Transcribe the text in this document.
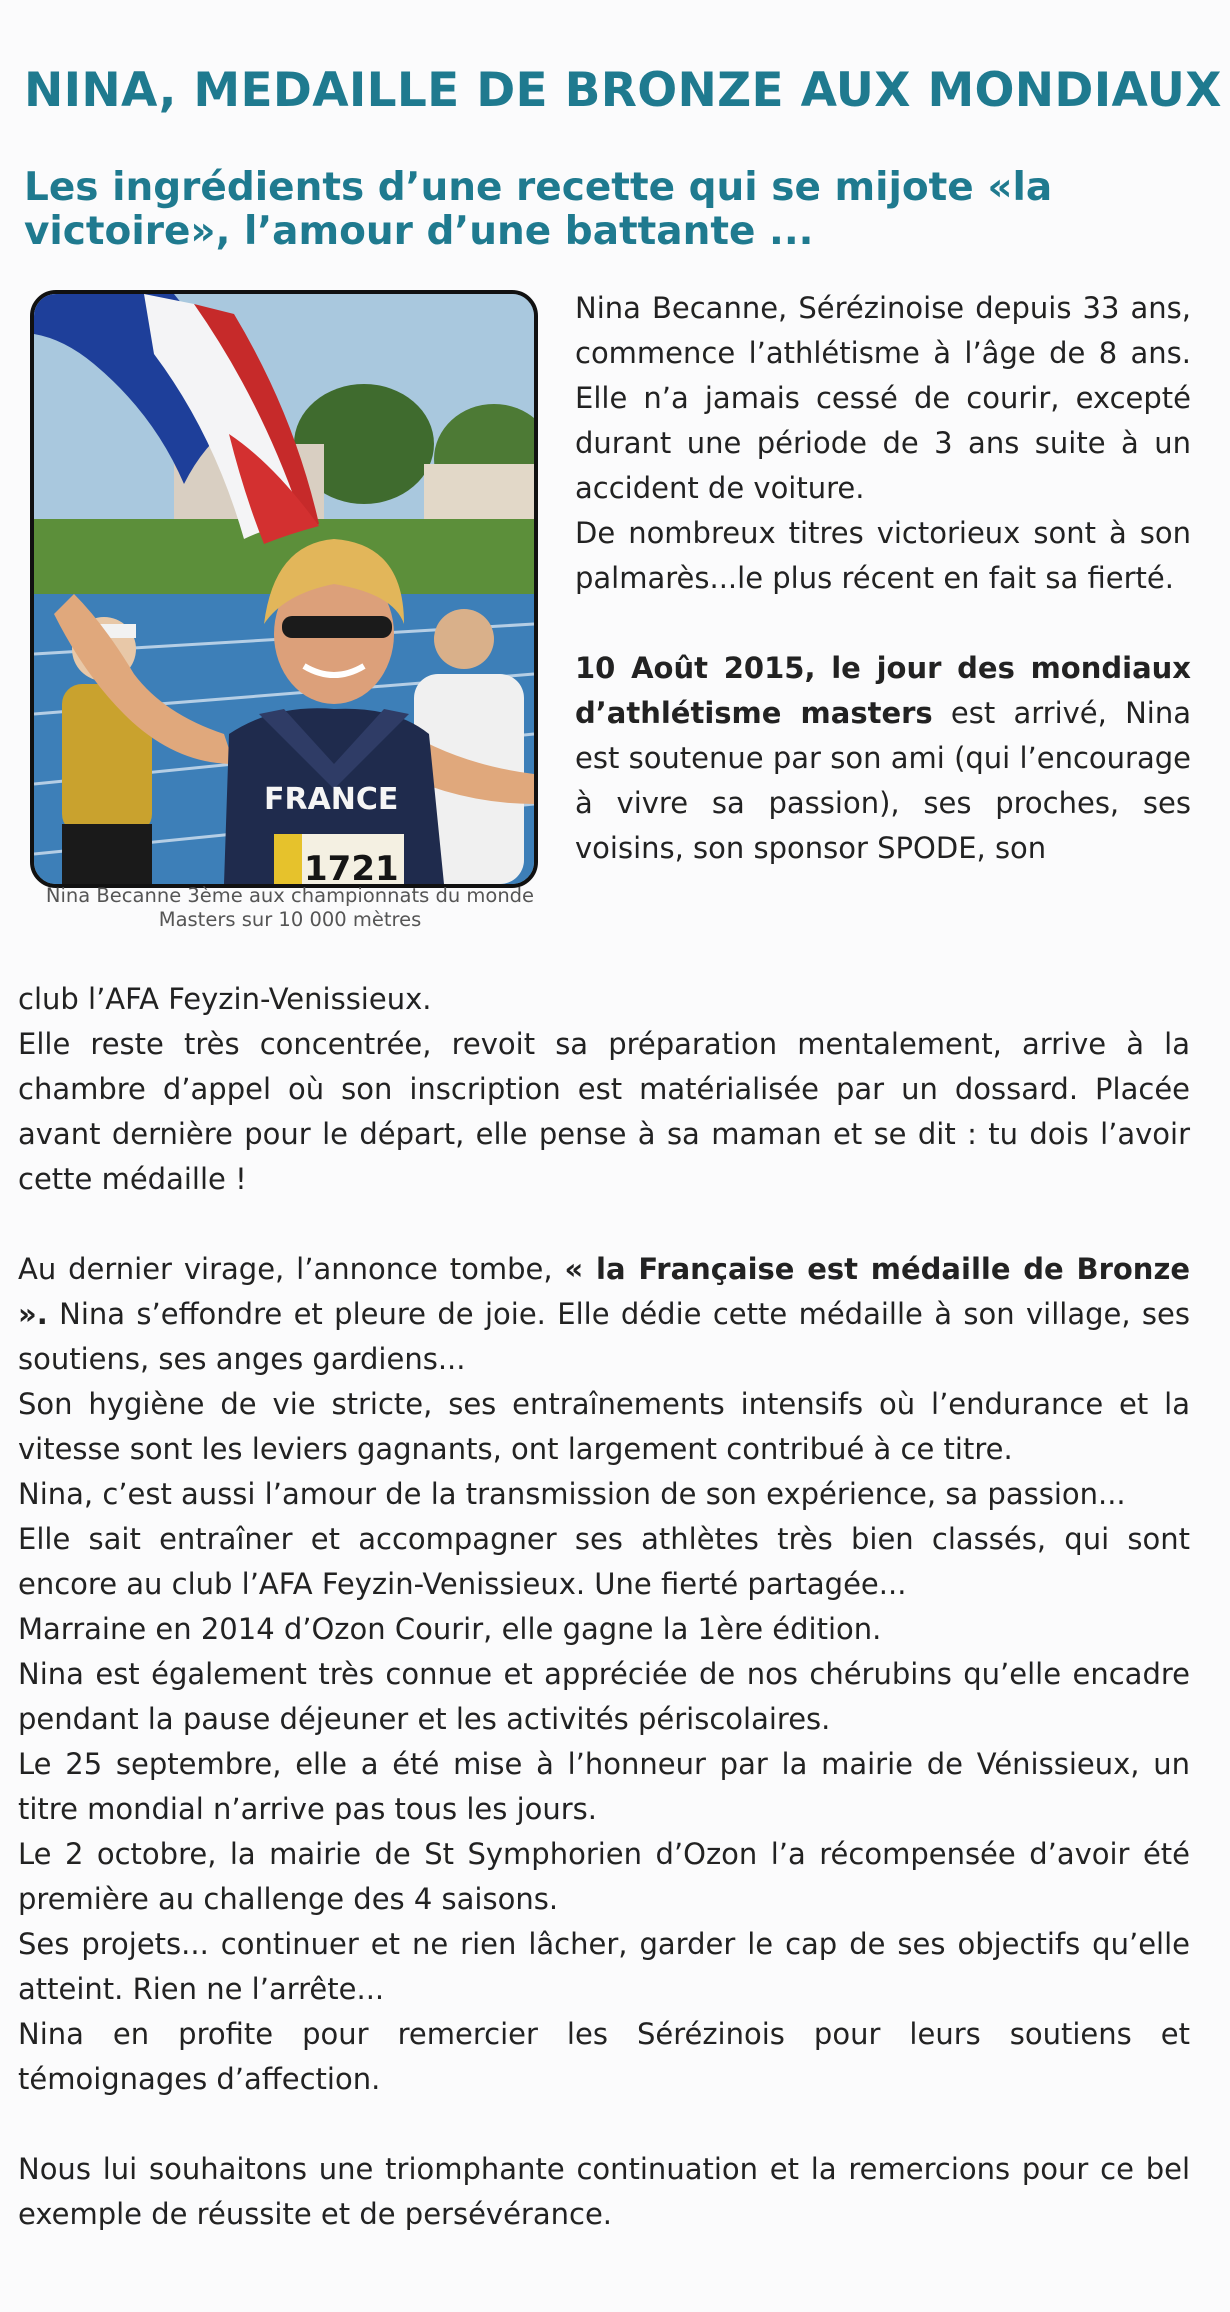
NINA, MEDAILLE DE BRONZE AUX MONDIAUX
Les ingrédients d’une recette qui se mijote «la victoire», l’amour d’une battante ...
FRANCE
1721
Nina Becanne 3ème aux championnats du monde Masters sur 10 000 mètres

Nina Becanne, Sérézinoise depuis 33 ans, commence l’athlétisme à l’âge de 8 ans. Elle n’a jamais cessé de courir, excepté durant une période de 3 ans suite à un accident de voiture.

De nombreux titres victorieux sont à son palmarès...le plus récent en fait sa fierté.

10 Août 2015, le jour des mondiaux d’athlétisme masters est arrivé, Nina est soutenue par son ami (qui l’encourage à vivre sa passion), ses proches, ses voisins, son sponsor SPODE, son

club l’AFA Feyzin-Venissieux.

Elle reste très concentrée, revoit sa préparation mentalement, arrive à la chambre d’appel où son inscription est matérialisée par un dossard. Placée avant dernière pour le départ, elle pense à sa maman et se dit : tu dois l’avoir cette médaille !

Au dernier virage, l’annonce tombe, « la Française est médaille de Bronze ». Nina s’effondre et pleure de joie. Elle dédie cette médaille à son village, ses soutiens, ses anges gardiens...

Son hygiène de vie stricte, ses entraînements intensifs où l’endurance et la vitesse sont les leviers gagnants, ont largement contribué à ce titre.

Nina, c’est aussi l’amour de la transmission de son expérience, sa passion...

Elle sait entraîner et accompagner ses athlètes très bien classés, qui sont encore au club l’AFA Feyzin-Venissieux. Une fierté partagée...

Marraine en 2014 d’Ozon Courir, elle gagne la 1ère édition.

Nina est également très connue et appréciée de nos chérubins qu’elle encadre pendant la pause déjeuner et les activités périscolaires.

Le 25 septembre, elle a été mise à l’honneur par la mairie de Vénissieux, un titre mondial n’arrive pas tous les jours.

Le 2 octobre, la mairie de St Symphorien d’Ozon l’a récompensée d’avoir été première au challenge des 4 saisons.

Ses projets... continuer et ne rien lâcher, garder le cap de ses objectifs qu’elle atteint. Rien ne l’arrête...

Nina en profite pour remercier les Sérézinois pour leurs soutiens et témoignages d’affection.

Nous lui souhaitons une triomphante continuation et la remercions pour ce bel exemple de réussite et de persévérance.
